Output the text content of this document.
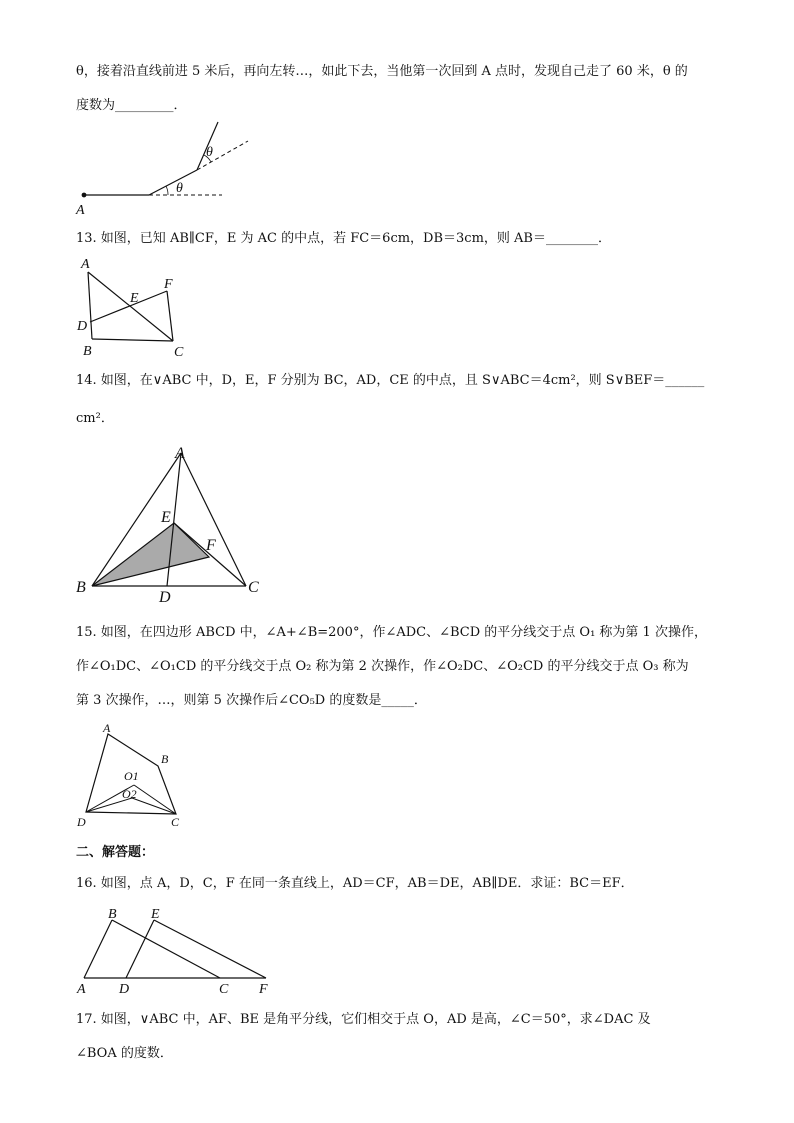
θ，接着沿直线前进 5 米后，再向左转…，如此下去，当他第一次回到 A 点时，发现自己走了 60 米，θ 的

度数为_________．

A
θ
θ

13. 如图，已知 AB∥CF，E 为 AC 的中点，若 FC＝6cm，DB＝3cm，则 AB＝________．

A
B	C
D
E
F

14. 如图，在∨ABC 中，D，E，F 分别为 BC，AD，CE 的中点，且 S∨ABC＝4cm²，则 S∨BEF＝______

cm²．

A
B	C
D
E
F

15. 如图，在四边形 ABCD 中，∠A+∠B=200°，作∠ADC、∠BCD 的平分线交于点 O₁ 称为第 1 次操作，

作∠O₁DC、∠O₁CD 的平分线交于点 O₂ 称为第 2 次操作，作∠O₂DC、∠O₂CD 的平分线交于点 O₃ 称为

第 3 次操作，…，则第 5 次操作后∠CO₅D 的度数是_____．

A
B
C
D
O1
O2

二、解答题：

16. 如图，点 A，D，C，F 在同一条直线上，AD＝CF，AB＝DE，AB∥DE．求证：BC＝EF．

B E
A D	C F

17. 如图，∨ABC 中，AF、BE 是角平分线，它们相交于点 O，AD 是高，∠C＝50°，求∠DAC 及

∠BOA 的度数．
